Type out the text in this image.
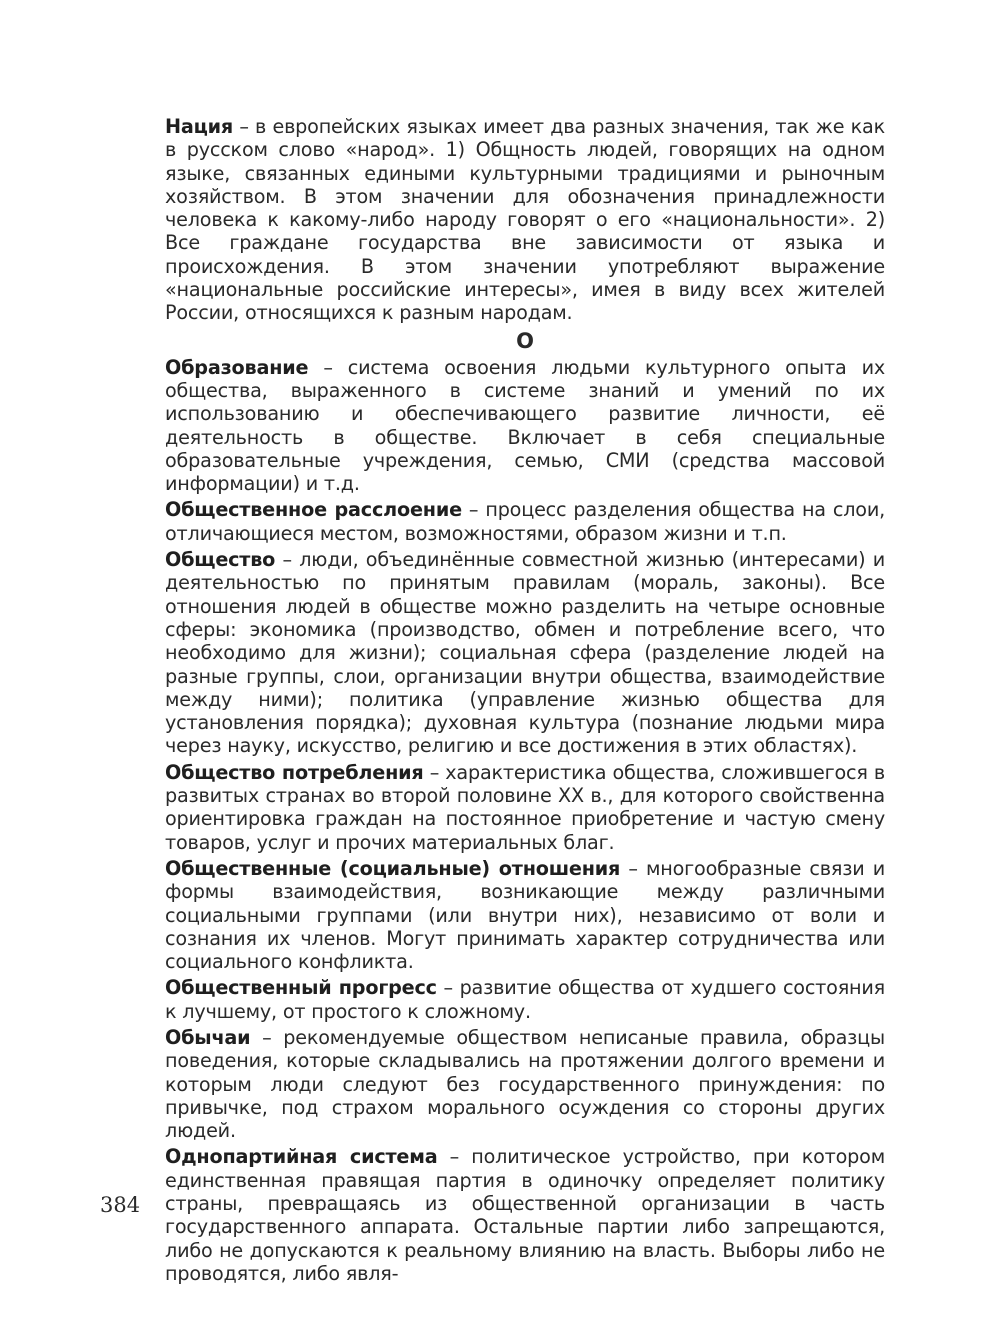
Нация – в европейских языках имеет два разных значения, так же как в русском слово «народ». 1) Общность людей, говорящих на одном языке, связанных едиными культурными традициями и рыночным хозяйством. В этом значении для обозначения принадлежности человека к какому-либо народу говорят о его «национальности». 2) Все граждане государства вне зависимости от языка и происхождения. В этом значении употребляют выражение «национальные российские интересы», имея в виду всех жителей России, относящихся к разным народам.

О

Образование – система освоения людьми культурного опыта их общества, выраженного в системе знаний и умений по их использованию и обеспечивающего развитие личности, её деятельность в обществе. Включает в себя специальные образовательные учреждения, семью, СМИ (средства массовой информации) и т.д.

Общественное расслоение – процесс разделения общества на слои, отличающиеся местом, возможностями, образом жизни и т.п.

Общество – люди, объединённые совместной жизнью (интересами) и деятельностью по принятым правилам (мораль, законы). Все отношения людей в обществе можно разделить на четыре основные сферы: экономика (производство, обмен и потребление всего, что необходимо для жизни); социальная сфера (разделение людей на разные группы, слои, организации внутри общества, взаимодействие между ними); политика (управление жизнью общества для установления порядка); духовная культура (познание людьми мира через науку, искусство, религию и все достижения в этих областях).

Общество потребления – характеристика общества, сложившегося в развитых странах во второй половине XX в., для которого свойственна ориентировка граждан на постоянное приобретение и частую смену товаров, услуг и прочих материальных благ.

Общественные (социальные) отношения – многообразные связи и формы взаимодействия, возникающие между различными социальными группами (или внутри них), независимо от воли и сознания их членов. Могут принимать характер сотрудничества или социального конфликта.

Общественный прогресс – развитие общества от худшего состояния к лучшему, от простого к сложному.

Обычаи – рекомендуемые обществом неписаные правила, образцы поведения, которые складывались на протяжении долгого времени и которым люди следуют без государственного принуждения: по привычке, под страхом морального осуждения со стороны других людей.

Однопартийная система – политическое устройство, при котором единственная правящая партия в одиночку определяет политику страны, превращаясь из общественной организации в часть государственного аппарата. Остальные партии либо запрещаются, либо не допускаются к реальному влиянию на власть. Выборы либо не проводятся, либо явля-

384
